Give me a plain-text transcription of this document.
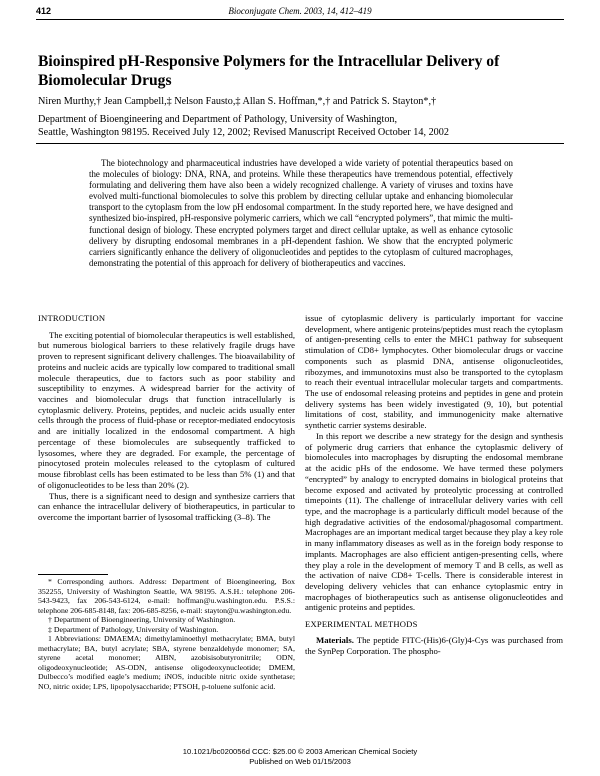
412	Bioconjugate Chem. 2003, 14, 412–419
Bioinspired pH-Responsive Polymers for the Intracellular Delivery of Biomolecular Drugs
Niren Murthy,† Jean Campbell,‡ Nelson Fausto,‡ Allan S. Hoffman,*,† and Patrick S. Stayton*,†
Department of Bioengineering and Department of Pathology, University of Washington,
Seattle, Washington 98195. Received July 12, 2002; Revised Manuscript Received October 14, 2002
The biotechnology and pharmaceutical industries have developed a wide variety of potential therapeutics based on the molecules of biology: DNA, RNA, and proteins. While these therapeutics have tremendous potential, effectively formulating and delivering them have also been a widely recognized challenge. A variety of viruses and toxins have evolved multi-functional biomolecules to solve this problem by directing cellular uptake and enhancing biomolecular transport to the cytoplasm from the low pH endosomal compartment. In the study reported here, we have designed and synthesized bio-inspired, pH-responsive polymeric carriers, which we call “encrypted polymers”, that mimic the multi-functional design of biology. These encrypted polymers target and direct cellular uptake, as well as enhance cytosolic delivery by disrupting endosomal membranes in a pH-dependent fashion. We show that the encrypted polymeric carriers significantly enhance the delivery of oligonucleotides and peptides to the cytoplasm of cultured macrophages, demonstrating the potential of this approach for delivery of biotherapeutics and vaccines.

INTRODUCTION

The exciting potential of biomolecular therapeutics is well established, but numerous biological barriers to these relatively fragile drugs have proven to represent significant delivery challenges. The bioavailability of proteins and nucleic acids are typically low compared to traditional small molecule therapeutics, due to factors such as poor stability and susceptibility to enzymes. A widespread barrier for the activity of vaccines and biomolecular drugs that function intracellularly is cytoplasmic delivery. Proteins, peptides, and nucleic acids usually enter cells through the process of fluid-phase or receptor-mediated endocytosis and are initially localized in the endosomal compartment. A high percentage of these biomolecules are subsequently trafficked to lysosomes, where they are degraded. For example, the percentage of pinocytosed protein molecules released to the cytoplasm of cultured mouse fibroblast cells has been estimated to be less than 5% (1) and that of oligonucleotides to be less than 20% (2).

Thus, there is a significant need to design and synthesize carriers that can enhance the intracellular delivery of biotherapeutics, in particular to overcome the important barrier of lysosomal trafficking (3–8). The

* Corresponding authors. Address: Department of Bioengineering, Box 352255, University of Washington Seattle, WA 98195. A.S.H.: telephone 206-543-9423, fax 206-543-6124, e-mail: hoffman@u.washington.edu. P.S.S.: telephone 206-685-8148, fax: 206-685-8256, e-mail: stayton@u.washington.edu.

† Department of Bioengineering, University of Washington.

‡ Department of Pathology, University of Washington.

1 Abbreviations: DMAEMA; dimethylaminoethyl methacrylate; BMA, butyl methacrylate; BA, butyl acrylate; SBA, styrene benzaldehyde monomer; SA, styrene acetal monomer; AIBN, azobisisobutyronitrile; ODN, oligodeoxynucleotide; AS-ODN, antisense oligodeoxynucleotide; DMEM, Dulbecco’s modified eagle’s medium; iNOS, inducible nitric oxide synthetase; NO, nitric oxide; LPS, lipopolysaccharide; PTSOH, p-toluene sulfonic acid.

issue of cytoplasmic delivery is particularly important for vaccine development, where antigenic proteins/peptides must reach the cytoplasm of antigen-presenting cells to enter the MHC1 pathway for subsequent stimulation of CD8+ lymphocytes. Other biomolecular drugs or vaccine components such as plasmid DNA, antisense oligonucleotides, ribozymes, and immunotoxins must also be transported to the cytoplasm to reach their eventual intracellular molecular targets and compartments. The use of endosomal releasing proteins and peptides in gene and protein delivery systems has been widely investigated (9, 10), but potential limitations of cost, stability, and immunogenicity make alternative synthetic carrier systems desirable.

In this report we describe a new strategy for the design and synthesis of polymeric drug carriers that enhance the cytoplasmic delivery of biomolecules into macrophages by disrupting the endosomal membrane at the acidic pHs of the endosome. We have termed these polymers “encrypted” by analogy to encrypted domains in biological proteins that become exposed and activated by proteolytic processing at controlled timepoints (11). The challenge of intracellular delivery varies with cell type, and the macrophage is a particularly difficult model because of the high degradative activities of the endosomal/phagosomal compartment. Macrophages are an important medical target because they play a key role in many inflammatory diseases as well as in the foreign body response to implants. Macrophages are also efficient antigen-presenting cells, where they play a role in the development of memory T and B cells, as well as the activation of naive CD8+ T-cells. There is considerable interest in developing delivery vehicles that can enhance cytoplasmic entry in macrophages of biotherapeutics such as antisense oligonucleotides and antigenic proteins and peptides.

EXPERIMENTAL METHODS

Materials. The peptide FITC-(His)6-(Gly)4-Cys was purchased from the SynPep Corporation. The phospho-

10.1021/bc020056d CCC: $25.00 © 2003 American Chemical Society
Published on Web 01/15/2003
